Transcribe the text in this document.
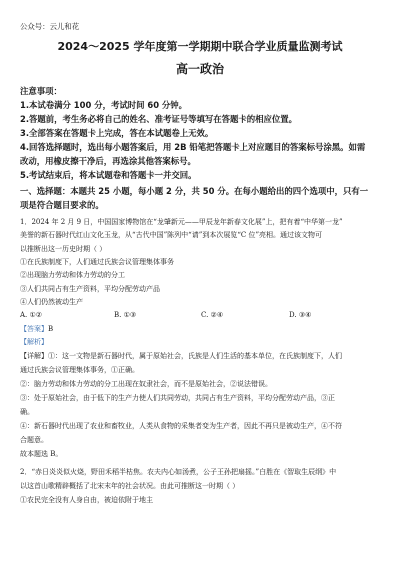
公众号：云儿和花
2024～2025 学年度第一学期期中联合学业质量监测考试
高一政治
注意事项：
1.本试卷满分 100 分，考试时间 60 分钟。
2.答题前，考生务必将自己的姓名、准考证号等填写在答题卡的相应位置。
3.全部答案在答题卡上完成，答在本试题卷上无效。
4.回答选择题时，选出每小题答案后，用 2B 铅笔把答题卡上对应题目的答案标号涂黑。如需
改动，用橡皮擦干净后，再选涂其他答案标号。
5.考试结束后，将本试题卷和答题卡一并交回。
一、选择题：本题共 25 小题，每小题 2 分，共 50 分。在每小题给出的四个选项中，只有一
项是符合题目要求的。
1．2024 年 2 月 9 日，中国国家博物馆在“龙肇新元——甲辰龙年新春文化展”上，把有着“中华第一龙”
美誉的新石器时代红山文化玉龙，从“古代中国”陈列中“请”到本次展览“C 位”亮相。通过该文物可
以推断出这一历史时期（ ）
①在氏族制度下，人们通过氏族会议管理集体事务
②出现脑力劳动和体力劳动的分工
③人们共同占有生产资料，平均分配劳动产品
④人们仍然被动生产
A. ①②	B. ①③	C. ②④	D. ③④
【答案】B
【解析】
【详解】①：这一文物是新石器时代，属于原始社会，氏族是人们生活的基本单位，在氏族制度下，人们
通过氏族会议管理集体事务，①正确。
②：脑力劳动和体力劳动的分工出现在奴隶社会，而不是原始社会，②说法错误。
③：处于原始社会，由于低下的生产力使人们共同劳动，共同占有生产资料，平均分配劳动产品，③正
确。
④：新石器时代出现了农业和畜牧业，人类从食物的采集者变为生产者，因此不再只是被动生产，④不符
合题意。
故本题选 B。
2．“赤日炎炎似火烧，野田禾稻半枯焦。农夫内心如汤煮，公子王孙把扇摇。”白胜在《智取生辰纲》中
以这首山歌精辟概括了北宋末年的社会状况。由此可推断这一时期（ ）
①农民完全没有人身自由，被迫依附于地主
